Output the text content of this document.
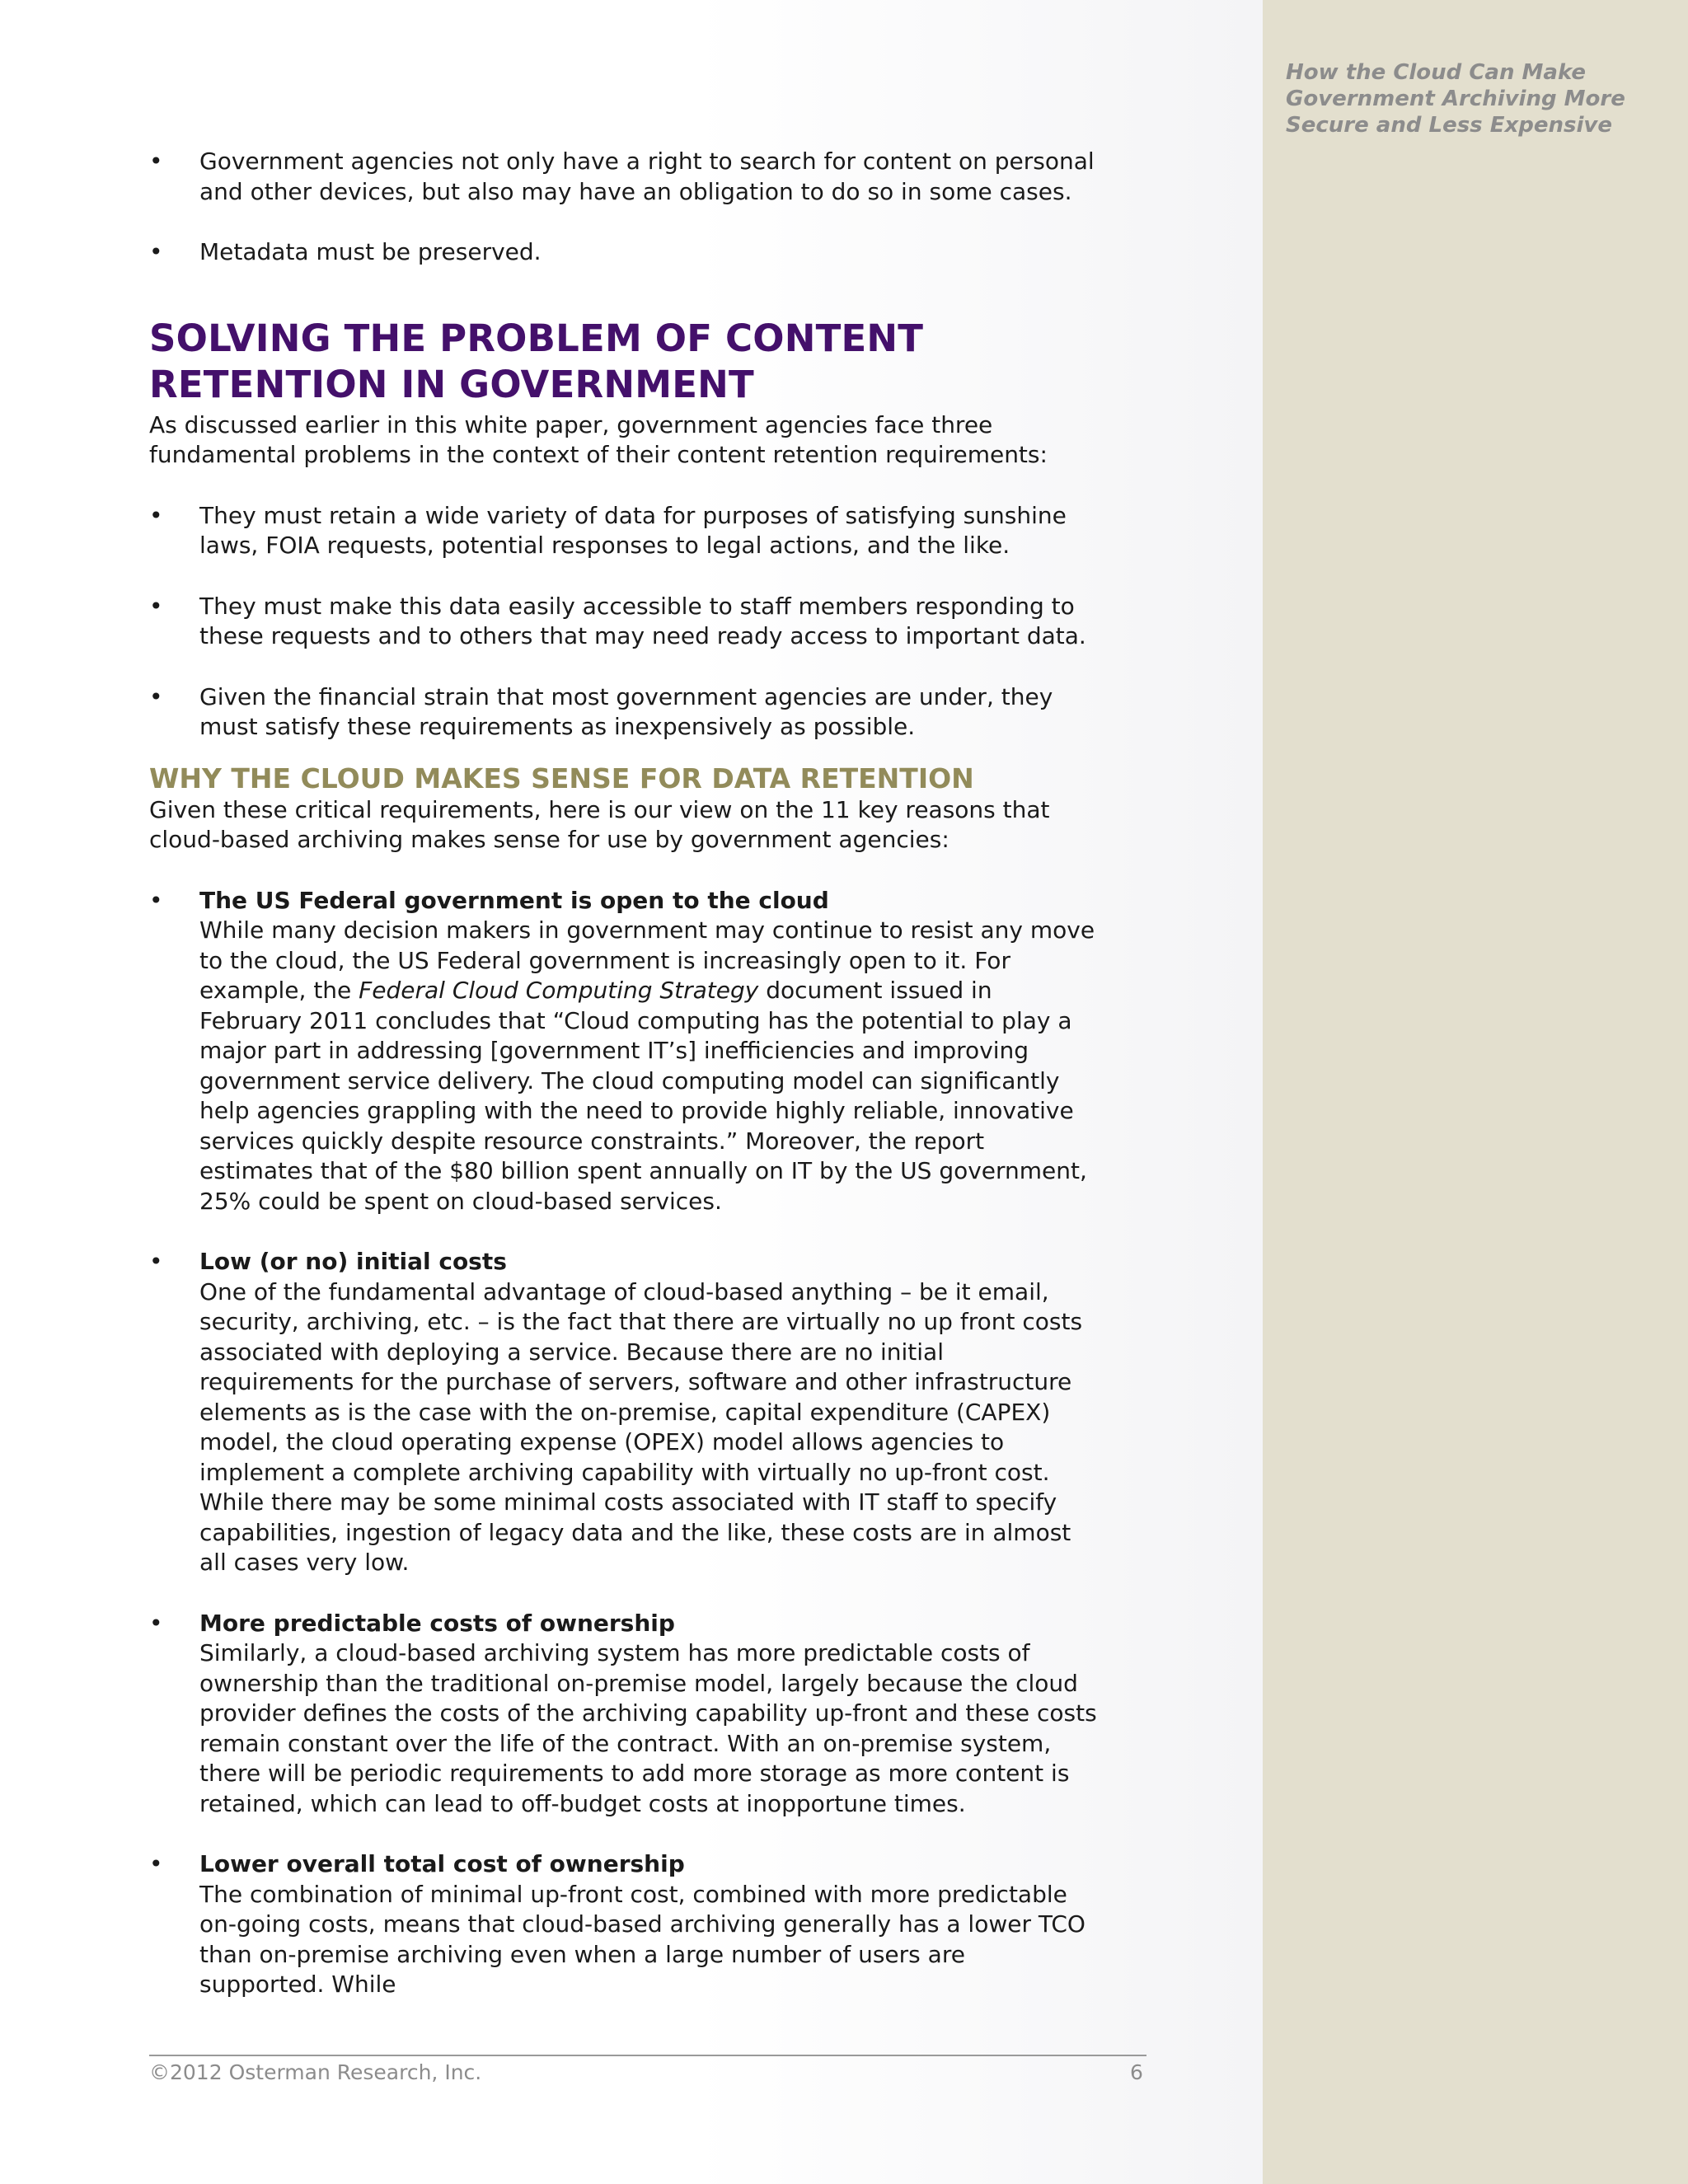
• Government agencies not only have a right to search for content on personal and other devices, but also may have an obligation to do so in some cases.
• Metadata must be preserved.
SOLVING THE PROBLEM OF CONTENT
RETENTION IN GOVERNMENT

As discussed earlier in this white paper, government agencies face three fundamental problems in the context of their content retention requirements:

• They must retain a wide variety of data for purposes of satisfying sunshine laws, FOIA requests, potential responses to legal actions, and the like.
• They must make this data easily accessible to staff members responding to these requests and to others that may need ready access to important data.
• Given the financial strain that most government agencies are under, they must satisfy these requirements as inexpensively as possible.
WHY THE CLOUD MAKES SENSE FOR DATA RETENTION

Given these critical requirements, here is our view on the 11 key reasons that cloud-based archiving makes sense for use by government agencies:

• The US Federal government is open to the cloud
While many decision makers in government may continue to resist any move to the cloud, the US Federal government is increasingly open to it. For example, the Federal Cloud Computing Strategy document issued in February 2011 concludes that “Cloud computing has the potential to play a major part in addressing [government IT’s] inefficiencies and improving government service delivery. The cloud computing model can significantly help agencies grappling with the need to provide highly reliable, innovative services quickly despite resource constraints.” Moreover, the report estimates that of the $80 billion spent annually on IT by the US government, 25% could be spent on cloud-based services.
• Low (or no) initial costs
One of the fundamental advantage of cloud-based anything – be it email, security, archiving, etc. – is the fact that there are virtually no up front costs associated with deploying a service. Because there are no initial requirements for the purchase of servers, software and other infrastructure elements as is the case with the on-premise, capital expenditure (CAPEX) model, the cloud operating expense (OPEX) model allows agencies to implement a complete archiving capability with virtually no up-front cost. While there may be some minimal costs associated with IT staff to specify capabilities, ingestion of legacy data and the like, these costs are in almost all cases very low.
• More predictable costs of ownership
Similarly, a cloud-based archiving system has more predictable costs of ownership than the traditional on-premise model, largely because the cloud provider defines the costs of the archiving capability up-front and these costs remain constant over the life of the contract. With an on-premise system, there will be periodic requirements to add more storage as more content is retained, which can lead to off-budget costs at inopportune times.
• Lower overall total cost of ownership
The combination of minimal up-front cost, combined with more predictable on-going costs, means that cloud-based archiving generally has a lower TCO than on-premise archiving even when a large number of users are supported. While
©2012 Osterman Research, Inc.	6
How the Cloud Can Make
Government Archiving More
Secure and Less Expensive
